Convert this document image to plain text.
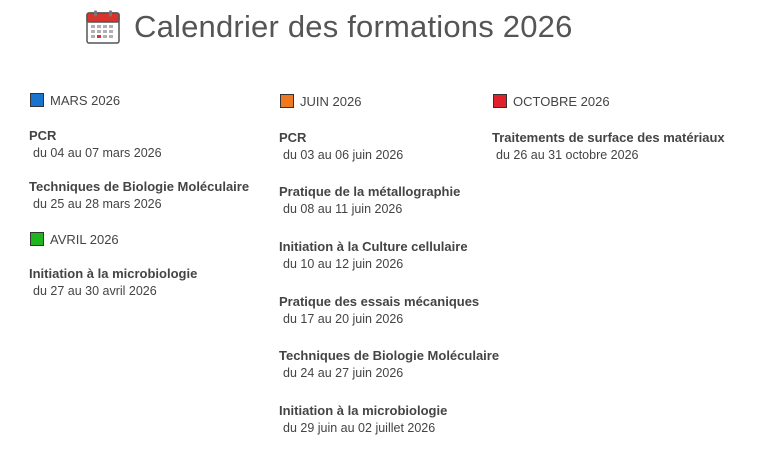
Calendrier des formations 2026
MARS 2026
PCR
du 04 au 07 mars 2026
Techniques de Biologie Moléculaire
du 25 au 28 mars 2026
AVRIL 2026
Initiation à la microbiologie
du 27 au 30 avril 2026
JUIN 2026
PCR
du 03 au 06 juin 2026
Pratique de la métallographie
du 08 au 11 juin 2026
Initiation à la Culture cellulaire
du 10 au 12 juin 2026
Pratique des essais mécaniques
du 17 au 20 juin 2026
Techniques de Biologie Moléculaire
du 24 au 27 juin 2026
Initiation à la microbiologie
du 29 juin au 02 juillet 2026
OCTOBRE 2026
Traitements de surface des matériaux
du 26 au 31 octobre 2026
